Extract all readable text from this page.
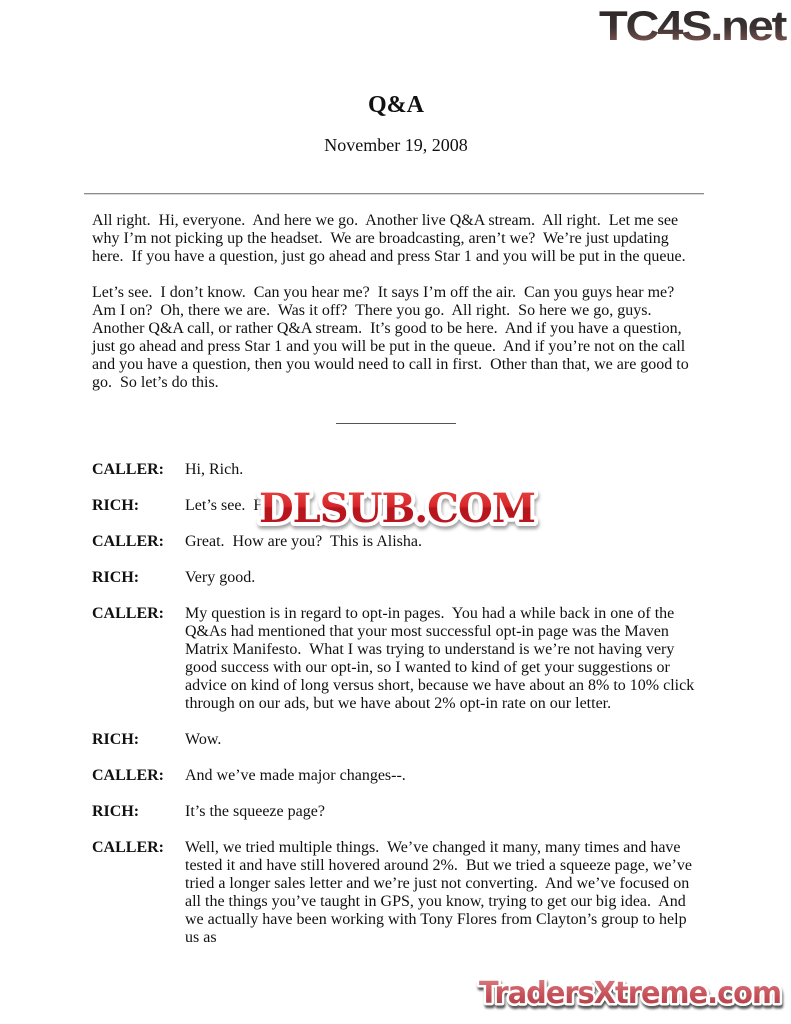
TC4S.net
Q&A
November 19, 2008
All right.  Hi, everyone.  And here we go.  Another live Q&A stream.  All right.  Let me see why I’m not picking up the headset.  We are broadcasting, aren’t we?  We’re just updating here.  If you have a question, just go ahead and press Star 1 and you will be put in the queue.
Let’s see.  I don’t know.  Can you hear me?  It says I’m off the air.  Can you guys hear me?  Am I on?  Oh, there we are.  Was it off?  There you go.  All right.  So here we go, guys.  Another Q&A call, or rather Q&A stream.  It’s good to be here.  And if you have a question, just go ahead and press Star 1 and you will be put in the queue.  And if you’re not on the call and you have a question, then you would need to call in first.  Other than that, we are good to go.  So let’s do this.
CALLER:	Hi, Rich.
RICH:	Let’s see.  H
CALLER:	Great.  How are you?  This is Alisha.
RICH:	Very good.
CALLER:	My question is in regard to opt-in pages.  You had a while back in one of the Q&As had mentioned that your most successful opt-in page was the Maven Matrix Manifesto.  What I was trying to understand is we’re not having very good success with our opt-in, so I wanted to kind of get your suggestions or advice on kind of long versus short, because we have about an 8% to 10% click through on our ads, but we have about 2% opt-in rate on our letter.
RICH:	Wow.
CALLER:	And we’ve made major changes--.
RICH:	It’s the squeeze page?
CALLER:	Well, we tried multiple things.  We’ve changed it many, many times and have tested it and have still hovered around 2%.  But we tried a squeeze page, we’ve tried a longer sales letter and we’re just not converting.  And we’ve focused on all the things you’ve taught in GPS, you know, trying to get our big idea.  And we actually have been working with Tony Flores from Clayton’s group to help us as
DLSUB.COM
TradersXtreme.com
